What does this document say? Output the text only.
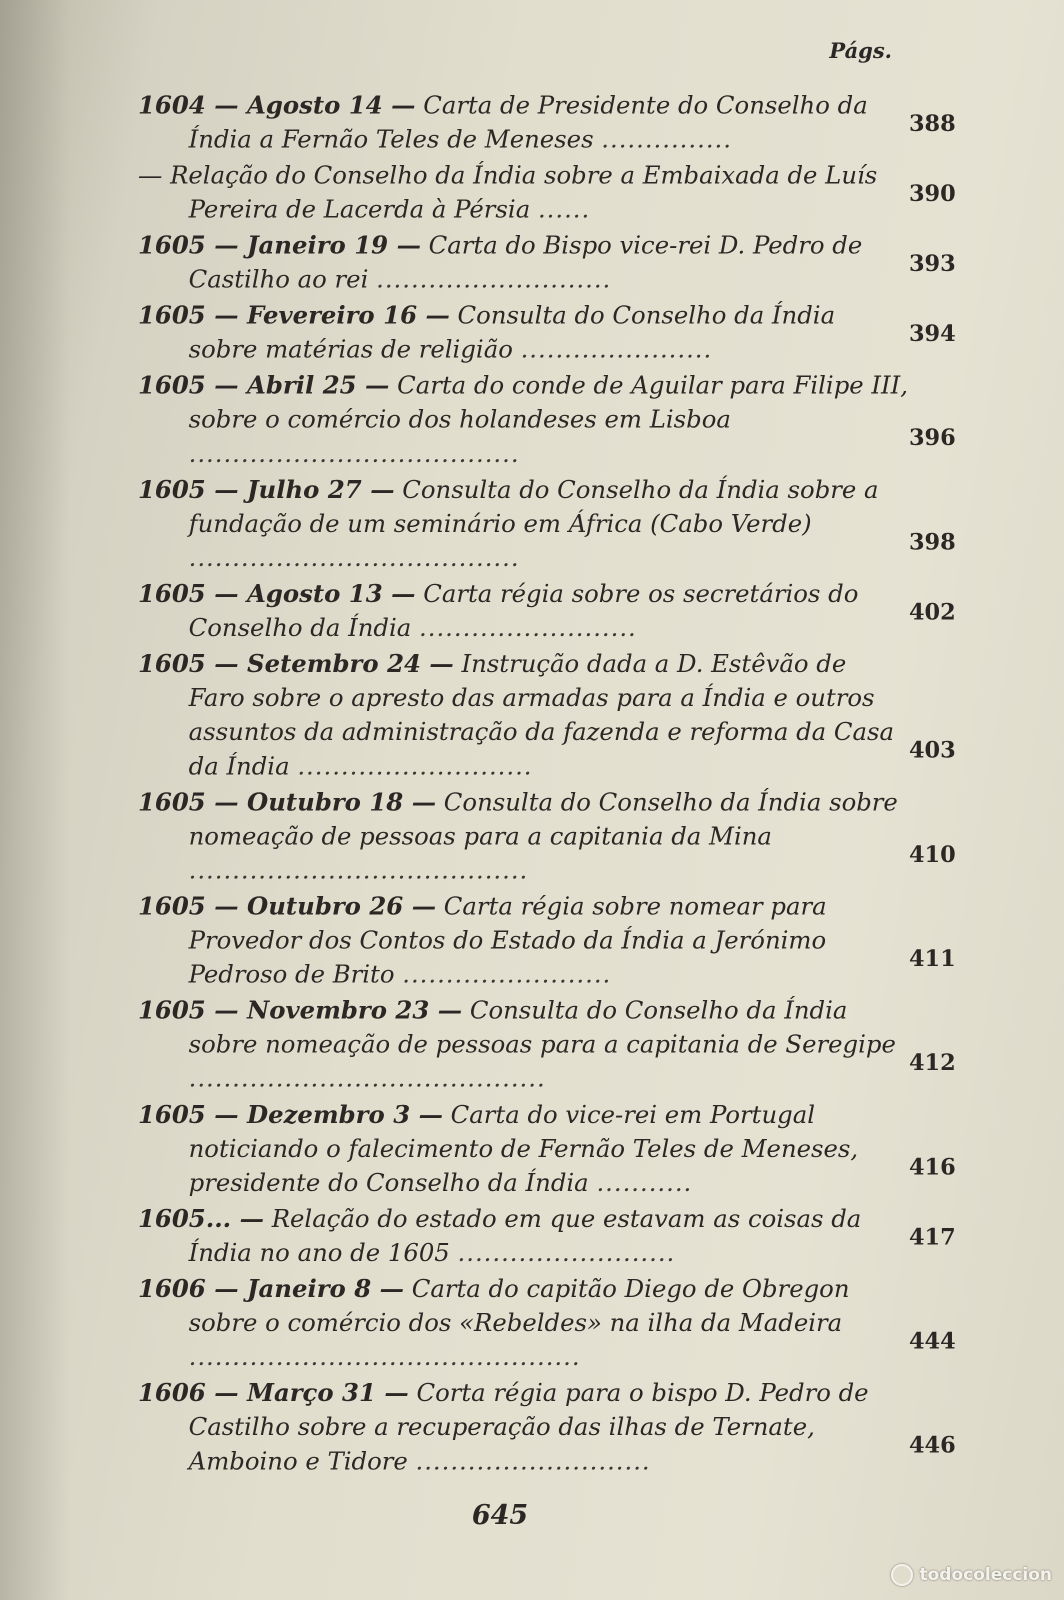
Págs.

1604 — Agosto 14 — Carta de Presidente do Conselho da Índia a Fernão Teles de Meneses ...............

388

— Relação do Conselho da Índia sobre a Embaixada de Luís Pereira de Lacerda à Pérsia ......

390

1605 — Janeiro 19 — Carta do Bispo vice-rei D. Pedro de Castilho ao rei ...........................

393

1605 — Fevereiro 16 — Consulta do Conselho da Índia sobre matérias de religião ......................

394

1605 — Abril 25 — Carta do conde de Aguilar para Filipe III, sobre o comércio dos holandeses em Lisboa ......................................

396

1605 — Julho 27 — Consulta do Conselho da Índia sobre a fundação de um seminário em África (Cabo Verde) ......................................

398

1605 — Agosto 13 — Carta régia sobre os secretários do Conselho da Índia .........................

402

1605 — Setembro 24 — Instrução dada a D. Estêvão de Faro sobre o apresto das armadas para a Índia e outros assuntos da administração da fazenda e reforma da Casa da Índia ...........................

403

1605 — Outubro 18 — Consulta do Conselho da Índia sobre nomeação de pessoas para a capitania da Mina .......................................

410

1605 — Outubro 26 — Carta régia sobre nomear para Provedor dos Contos do Estado da Índia a Jerónimo Pedroso de Brito ........................

411

1605 — Novembro 23 — Consulta do Conselho da Índia sobre nomeação de pessoas para a capitania de Seregipe .........................................

412

1605 — Dezembro 3 — Carta do vice-rei em Portugal noticiando o falecimento de Fernão Teles de Meneses, presidente do Conselho da Índia ...........

416

1605... — Relação do estado em que estavam as coisas da Índia no ano de 1605 .........................

417

1606 — Janeiro 8 — Carta do capitão Diego de Obregon sobre o comércio dos «Rebeldes» na ilha da Madeira .............................................

444

1606 — Março 31 — Corta régia para o bispo D. Pedro de Castilho sobre a recuperação das ilhas de Ternate, Amboino e Tidore ...........................

446

645

todocoleccion
